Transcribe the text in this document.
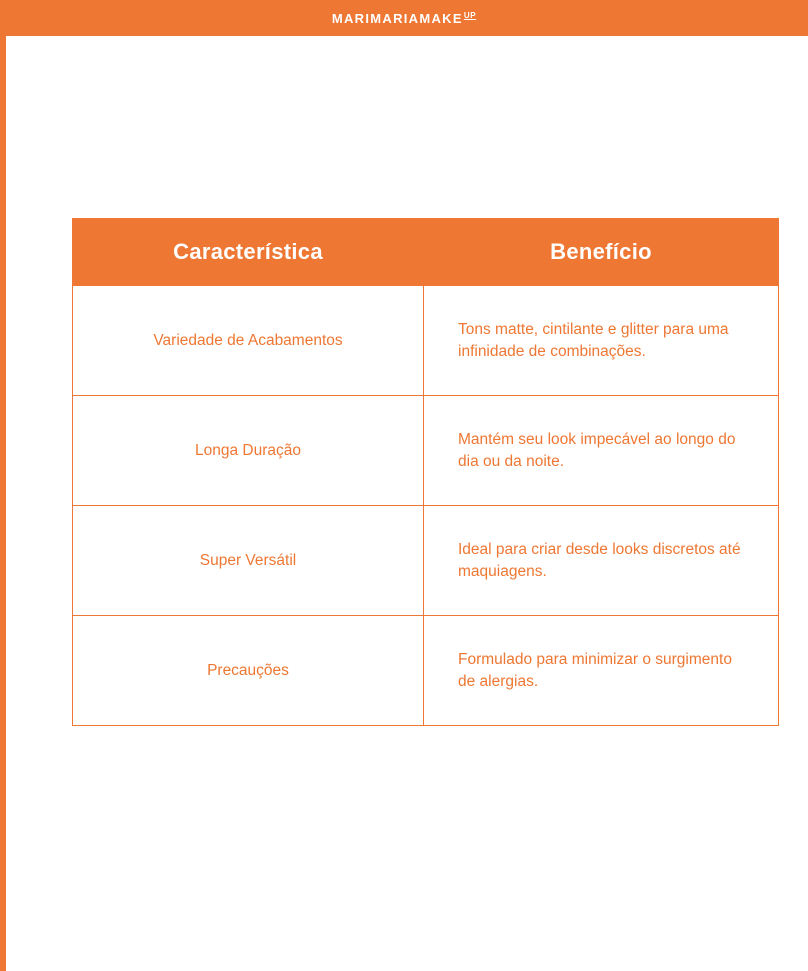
MARIMARIAMAKE UP
Característica	Benefício
Variedade de Acabamentos	Tons matte, cintilante e glitter para uma infinidade de combinações.
Longa Duração	Mantém seu look impecável ao longo do dia ou da noite.
Super Versátil	Ideal para criar desde looks discretos até maquiagens.
Precauções	Formulado para minimizar o surgimento de alergias.
